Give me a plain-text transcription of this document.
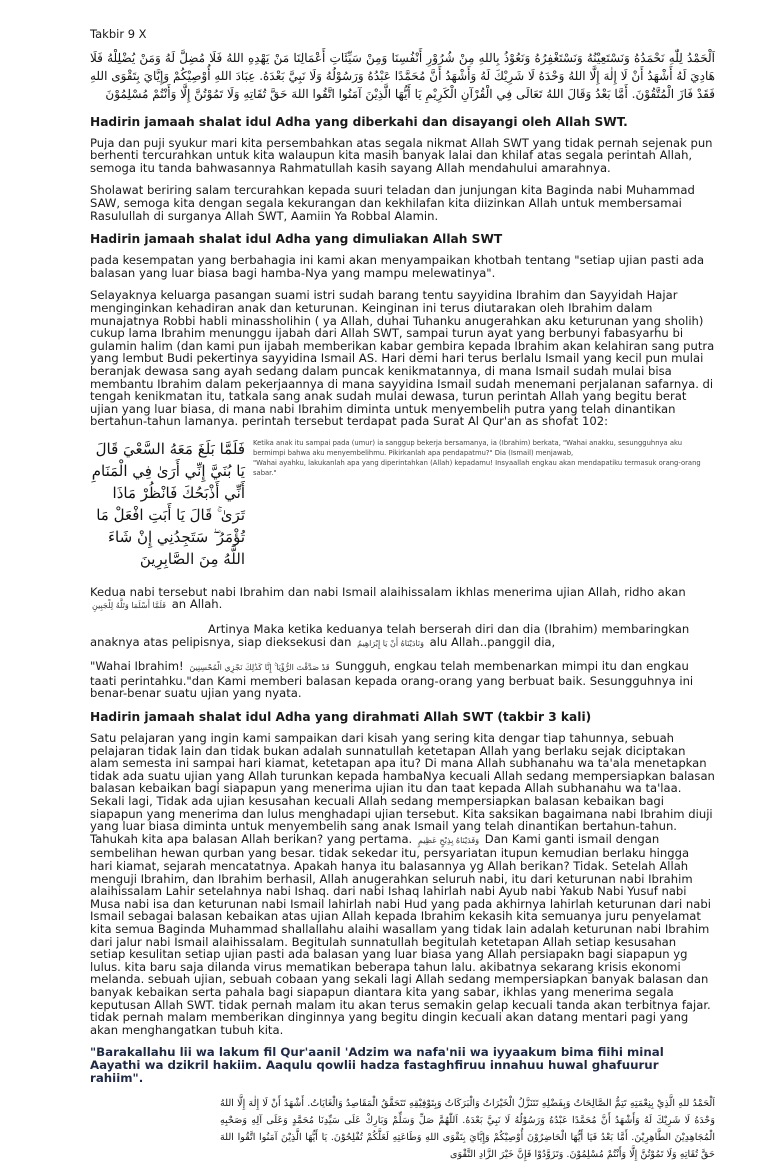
Takbir 9 X

اَلْحَمْدُ لِلّٰهِ نَحْمَدُهُ وَنَسْتَعِيْنُهُ وَنَسْتَغْفِرُهُ وَنَعُوْذُ بِاللهِ مِنْ شُرُوْرِ أَنْفُسِنَا وَمِنْ سَيِّئَاتِ أَعْمَالِنَا مَنْ يَهْدِهِ اللهُ فَلَا مُضِلَّ لَهُ وَمَنْ يُضْلِلْهُ فَلَا هَادِيَ لَهُ أَشْهَدُ أَنْ لَا إِلٰهَ إِلَّا اللهُ وَحْدَهُ لَا شَرِيْكَ لَهُ وَأَشْهَدُ أَنَّ مُحَمَّدًا عَبْدُهُ وَرَسُوْلُهُ وَلَا نَبِيَّ بَعْدَهُ. عِبَادَ اللهِ أُوْصِيْكُمْ وَإِيَّايَ بِتَقْوَى اللهِ فَقَدْ فَازَ الْمُتَّقُوْنَ. أَمَّا بَعْدُ وَقَالَ اللهُ تَعَالَى فِي الْقُرْآنِ الْكَرِيْمِ يَا أَيُّهَا الَّذِيْنَ آمَنُوا اتَّقُوا اللهَ حَقَّ تُقَاتِهِ وَلَا تَمُوْتُنَّ إِلَّا وَأَنْتُمْ مُسْلِمُوْنَ

Hadirin jamaah shalat idul Adha yang diberkahi dan disayangi oleh Allah SWT.

Puja dan puji syukur mari kita persembahkan atas segala nikmat Allah SWT yang tidak pernah sejenak pun berhenti tercurahkan untuk kita walaupun kita masih banyak lalai dan khilaf atas segala perintah Allah, semoga itu tanda bahwasannya Rahmatullah kasih sayang Allah mendahului amarahnya.

Sholawat beriring salam tercurahkan kepada suuri teladan dan junjungan kita Baginda nabi Muhammad SAW, semoga kita dengan segala kekurangan dan kekhilafan kita diizinkan Allah untuk membersamai Rasulullah di surganya Allah SWT, Aamiin Ya Robbal Alamin.

Hadirin jamaah shalat idul Adha yang dimuliakan Allah SWT

pada kesempatan yang berbahagia ini kami akan menyampaikan khotbah tentang "setiap ujian pasti ada balasan yang luar biasa bagi hamba-Nya yang mampu melewatinya".

Selayaknya keluarga pasangan suami istri sudah barang tentu sayyidina Ibrahim dan Sayyidah Hajar menginginkan kehadiran anak dan keturunan. Keinginan ini terus diutarakan oleh Ibrahim dalam munajatnya Robbi habli minassholihin ( ya Allah, duhai Tuhanku anugerahkan aku keturunan yang sholih) cukup lama Ibrahim menunggu ijabah dari Allah SWT, sampai turun ayat yang berbunyi fabasyarhu bi gulamin halim (dan kami pun ijabah memberikan kabar gembira kepada Ibrahim akan kelahiran sang putra yang lembut Budi pekertinya sayyidina Ismail AS. Hari demi hari terus berlalu Ismail yang kecil pun mulai beranjak dewasa sang ayah sedang dalam puncak kenikmatannya, di mana Ismail sudah mulai bisa membantu Ibrahim dalam pekerjaannya di mana sayyidina Ismail sudah menemani perjalanan safarnya. di tengah kenikmatan itu, tatkala sang anak sudah mulai dewasa, turun perintah Allah yang begitu berat ujian yang luar biasa, di mana nabi Ibrahim diminta untuk menyembelih putra yang telah dinantikan bertahun-tahun lamanya. perintah tersebut terdapat pada Surat Al Qur'an as shofat 102:

فَلَمَّا بَلَغَ مَعَهُ السَّعْيَ قَالَ يَا بُنَيَّ إِنِّي أَرَىٰ فِي الْمَنَامِ أَنِّي أَذْبَحُكَ فَانْظُرْ مَاذَا تَرَىٰ ۚ قَالَ يَا أَبَتِ افْعَلْ مَا تُؤْمَرُ ۖ سَتَجِدُنِي إِنْ شَاءَ اللَّهُ مِنَ الصَّابِرِينَ
Ketika anak itu sampai pada (umur) ia sanggup bekerja bersamanya, ia (Ibrahim) berkata, "Wahai anakku, sesungguhnya aku bermimpi bahwa aku menyembelihmu. Pikirkanlah apa pendapatmu?" Dia (Ismail) menjawab,
"Wahai ayahku, lakukanlah apa yang diperintahkan (Allah) kepadamu! Insyaallah engkau akan mendapatiku termasuk orang-orang sabar."

Kedua nabi tersebut nabi Ibrahim dan nabi Ismail alaihissalam ikhlas menerima ujian Allah, ridho akan
فَلَمَّا أَسْلَمَا وَتَلَّهُ لِلْجَبِينِ an Allah.

Artinya Maka ketika keduanya telah berserah diri dan dia (Ibrahim) membaringkan anaknya atas pelipisnya, siap dieksekusi dan وَنَادَيْنَاهُ أَنْ يَا إِبْرَاهِيمُ alu Allah..panggil dia,

"Wahai Ibrahim! قَدْ صَدَّقْتَ الرُّؤْيَا ۚ إِنَّا كَذَٰلِكَ نَجْزِي الْمُحْسِنِينَ Sungguh, engkau telah membenarkan mimpi itu dan engkau taati perintahku."dan Kami memberi balasan kepada orang-orang yang berbuat baik. Sesungguhnya ini benar-benar suatu ujian yang nyata.

Hadirin jamaah shalat idul Adha yang dirahmati Allah SWT (takbir 3 kali)

Satu pelajaran yang ingin kami sampaikan dari kisah yang sering kita dengar tiap tahunnya, sebuah pelajaran tidak lain dan tidak bukan adalah sunnatullah ketetapan Allah yang berlaku sejak diciptakan alam semesta ini sampai hari kiamat, ketetapan apa itu? Di mana Allah subhanahu wa ta'ala menetapkan tidak ada suatu ujian yang Allah turunkan kepada hambaNya kecuali Allah sedang mempersiapkan balasan balasan kebaikan bagi siapapun yang menerima ujian itu dan taat kepada Allah subhanahu wa ta'laa. Sekali lagi, Tidak ada ujian kesusahan kecuali Allah sedang mempersiapkan balasan kebaikan bagi siapapun yang menerima dan lulus menghadapi ujian tersebut. Kita saksikan bagaimana nabi Ibrahim diuji yang luar biasa diminta untuk menyembelih sang anak Ismail yang telah dinantikan bertahun-tahun. Tahukah kita apa balasan Allah berikan? yang pertama. وَفَدَيْنَاهُ بِذِبْحٍ عَظِيمٍ Dan Kami ganti ismail dengan sembelihan hewan qurban yang besar. tidak sekedar itu, persyariatan itupun kemudian berlaku hingga hari kiamat, sejarah mencatatnya. Apakah hanya itu balasannya yg Allah berikan? Tidak. Setelah Allah menguji Ibrahim, dan Ibrahim berhasil, Allah anugerahkan seluruh nabi, itu dari keturunan nabi Ibrahim alaihissalam Lahir setelahnya nabi Ishaq. dari nabi Ishaq lahirlah nabi Ayub nabi Yakub Nabi Yusuf nabi Musa nabi isa dan keturunan nabi Ismail lahirlah nabi Hud yang pada akhirnya lahirlah keturunan dari nabi Ismail sebagai balasan kebaikan atas ujian Allah kepada Ibrahim kekasih kita semuanya juru penyelamat kita semua Baginda Muhammad shallallahu alaihi wasallam yang tidak lain adalah keturunan nabi Ibrahim dari jalur nabi Ismail alaihissalam. Begitulah sunnatullah begitulah ketetapan Allah setiap kesusahan setiap kesulitan setiap ujian pasti ada balasan yang luar biasa yang Allah persiapakn bagi siapapun yg lulus. kita baru saja dilanda virus mematikan beberapa tahun lalu. akibatnya sekarang krisis ekonomi melanda. sebuah ujian, sebuah cobaan yang sekali lagi Allah sedang mempersiapkan banyak balasan dan banyak kebaikan serta pahala bagi siapapun diantara kita yang sabar, ikhlas yang menerima segala keputusan Allah SWT. tidak pernah malam itu akan terus semakin gelap kecuali tanda akan terbitnya fajar. tidak pernah malam memberikan dinginnya yang begitu dingin kecuali akan datang mentari pagi yang akan menghangatkan tubuh kita.

"Barakallahu lii wa lakum fil Qur'aanil 'Adzim wa nafa'nii wa iyyaakum bima fiihi minal Aayathi wa dzikril hakiim. Aaqulu qowlii hadza fastaghfiruu innahuu huwal ghafuurur rahiim".

اَلْحَمْدُ للهِ الَّذِيْ بِنِعْمَتِهِ تَتِمُّ الصَّالِحَاتُ وَبِفَضْلِهِ تَتَنَزَّلُ الْخَيْرَاتُ وَالْبَرَكَاتُ وَبِتَوْفِيْقِهِ تَتَحَقَّقُ الْمَقَاصِدُ وَالْغَايَاتُ. أَشْهَدُ أَنْ لَا إِلٰهَ إِلَّا اللهُ وَحْدَهُ لَا شَرِيْكَ لَهُ وَأَشْهَدُ أَنَّ مُحَمَّدًا عَبْدُهُ وَرَسُوْلُهُ لَا نَبِيَّ بَعْدَهُ. اَللّٰهُمَّ صَلِّ وَسَلِّمْ وَبَارِكْ عَلَى سَيِّدِنَا مُحَمَّدٍ وَعَلَى آلِهِ وَصَحْبِهِ الْمُجَاهِدِيْنَ الطَّاهِرِيْنَ. أَمَّا بَعْدُ فَيَا أَيُّهَا الْحَاضِرُوْنَ أُوْصِيْكُمْ وَإِيَّايَ بِتَقْوَى اللهِ وَطَاعَتِهِ لَعَلَّكُمْ تُفْلِحُوْنَ. يَا أَيُّهَا الَّذِيْنَ آمَنُوا اتَّقُوا اللهَ حَقَّ تُقَاتِهِ وَلَا تَمُوْتُنَّ إِلَّا وَأَنْتُمْ مُسْلِمُوْنَ. وَتَزَوَّدُوْا فَإِنَّ خَيْرَ الزَّادِ التَّقْوَى
